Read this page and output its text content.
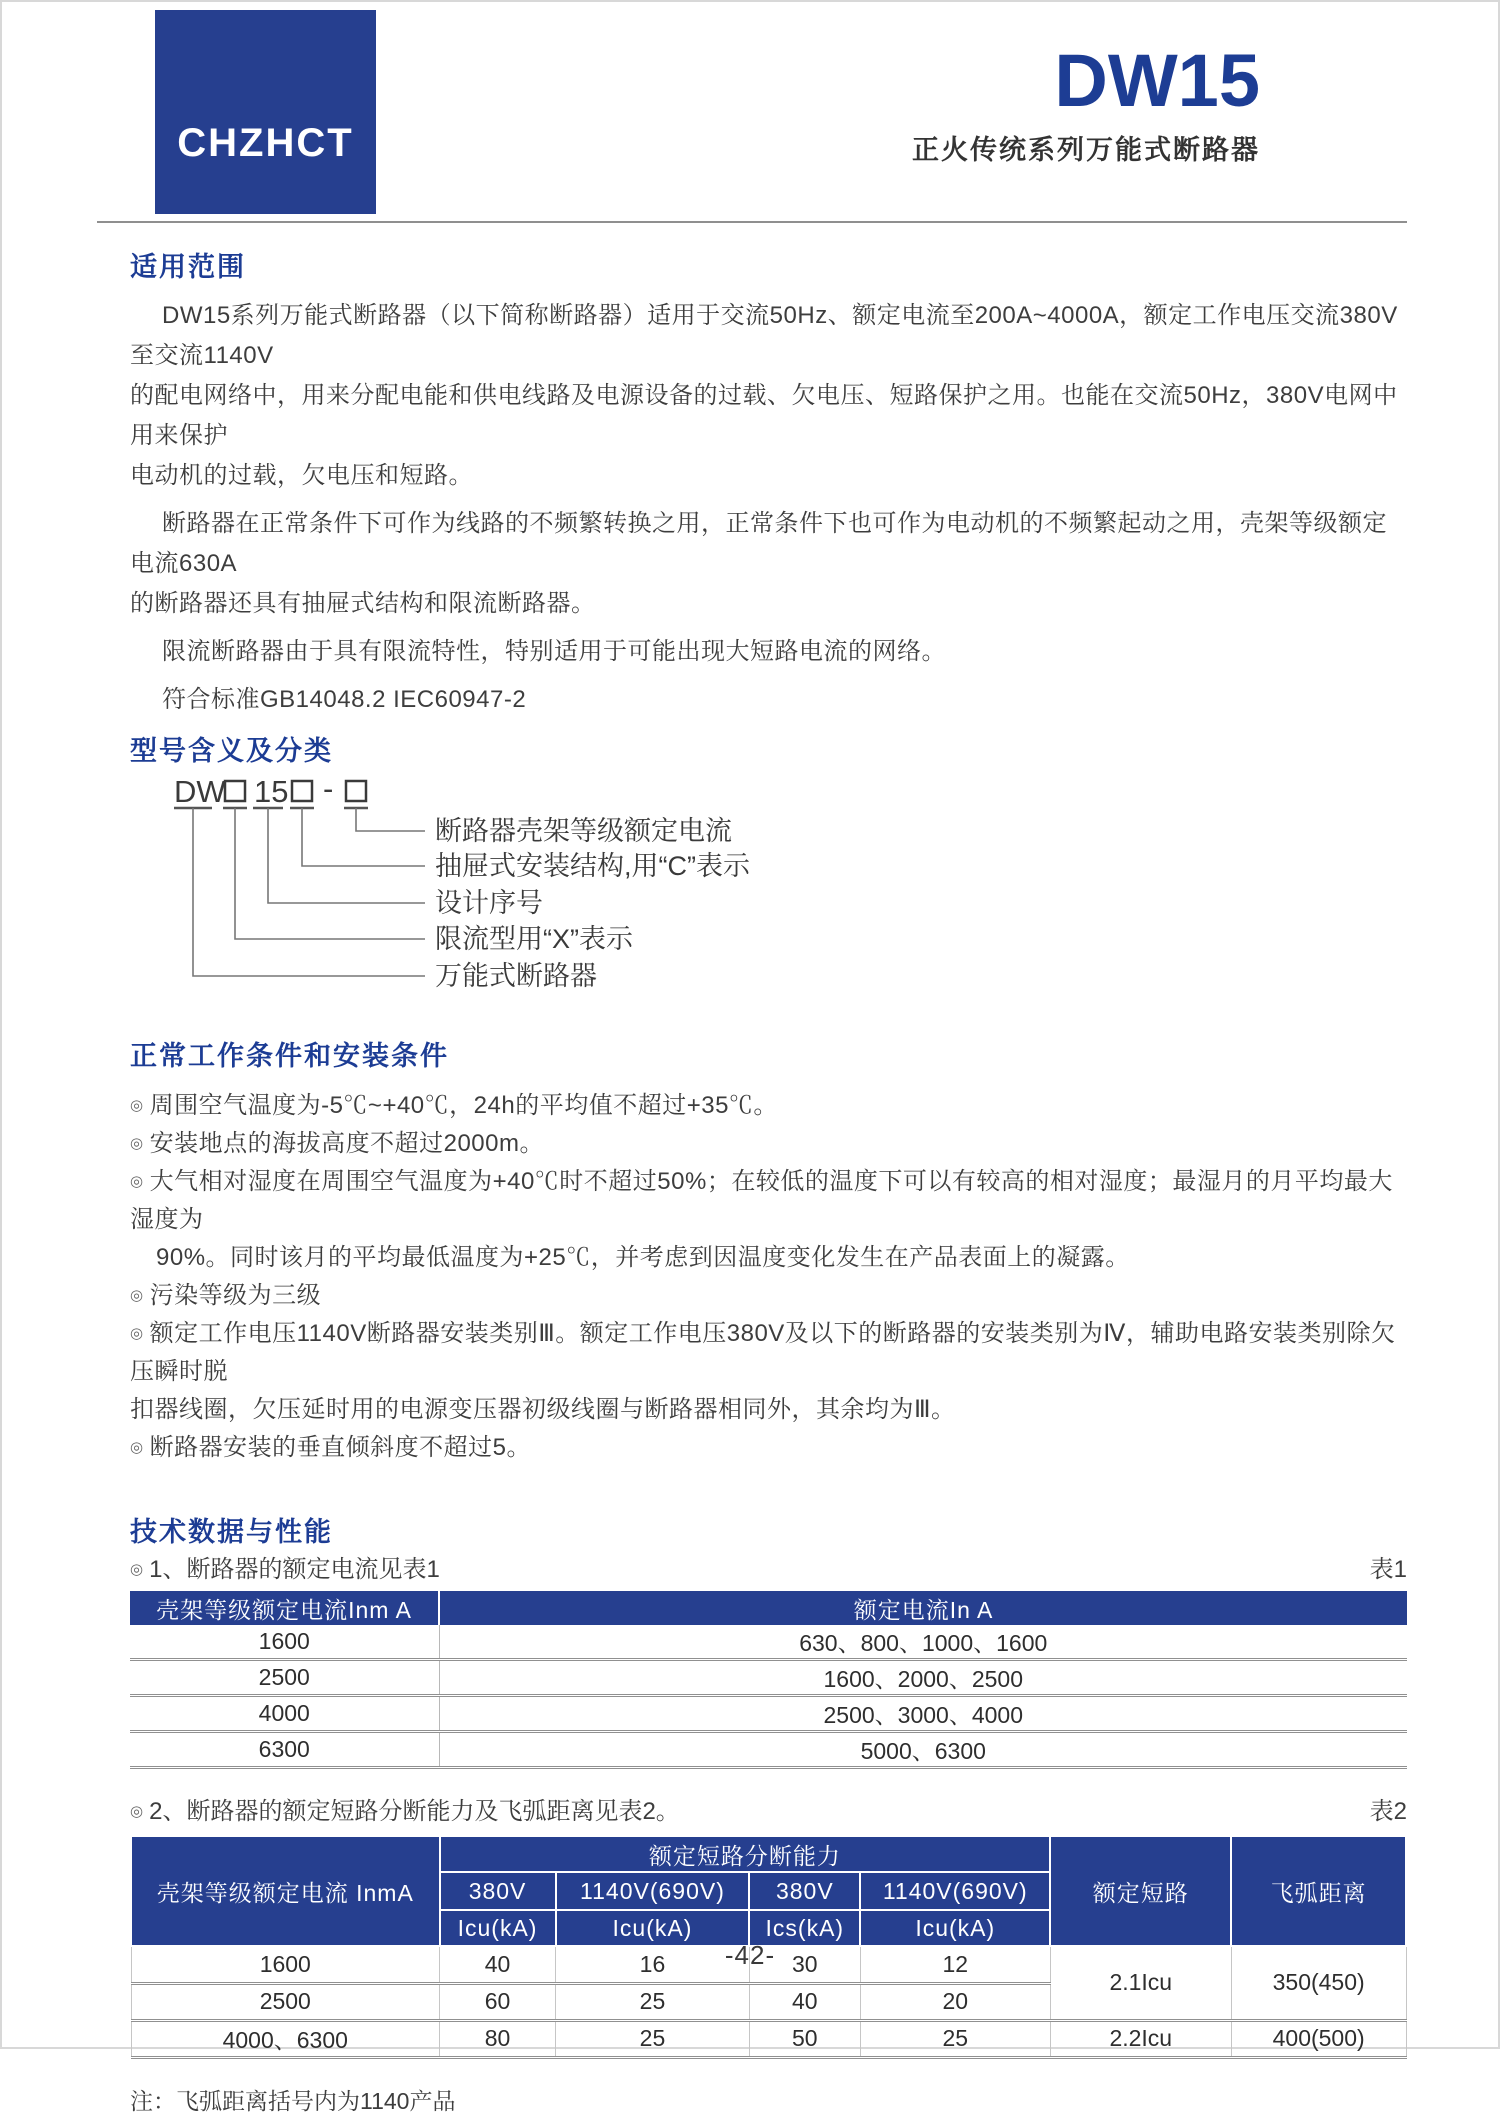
CHZHCT
DW15
正火传统系列万能式断路器
适用范围
DW15系列万能式断路器（以下简称断路器）适用于交流50Hz、额定电流至200A~4000A，额定工作电压交流380V至交流1140V
的配电网络中，用来分配电能和供电线路及电源设备的过载、欠电压、短路保护之用。也能在交流50Hz，380V电网中用来保护
电动机的过载，欠电压和短路。
断路器在正常条件下可作为线路的不频繁转换之用，正常条件下也可作为电动机的不频繁起动之用，壳架等级额定电流630A
的断路器还具有抽屉式结构和限流断路器。
限流断路器由于具有限流特性，特别适用于可能出现大短路电流的网络。
符合标准GB14048.2 IEC60947-2
型号含义及分类
DW 15 -
断路器壳架等级额定电流
抽屉式安装结构,用“C”表示
设计序号
限流型用“X”表示
万能式断路器
正常工作条件和安装条件
◎ 周围空气温度为-5℃~+40℃，24h的平均值不超过+35℃。
◎ 安装地点的海拔高度不超过2000m。
◎ 大气相对湿度在周围空气温度为+40℃时不超过50%；在较低的温度下可以有较高的相对湿度；最湿月的月平均最大湿度为
90%。同时该月的平均最低温度为+25℃，并考虑到因温度变化发生在产品表面上的凝露。
◎ 污染等级为三级
◎ 额定工作电压1140V断路器安装类别Ⅲ。额定工作电压380V及以下的断路器的安装类别为Ⅳ，辅助电路安装类别除欠压瞬时脱
扣器线圈，欠压延时用的电源变压器初级线圈与断路器相同外，其余均为Ⅲ。
◎ 断路器安装的垂直倾斜度不超过5。
技术数据与性能
◎ 1、断路器的额定电流见表1	表1
壳架等级额定电流Inm A	额定电流In A
1600	630、800、1000、1600
2500	1600、2000、2500
4000	2500、3000、4000
6300	5000、6300
◎ 2、断路器的额定短路分断能力及飞弧距离见表2。	表2
壳架等级额定电流 InmA	额定短路分断能力				额定短路	飞弧距离
	380V	1140V(690V)	380V	1140V(690V)		
	Icu(kA)	Icu(kA)	Ics(kA)	Icu(kA)		
1600	40	16	30	12	2.1Icu	350(450)
2500	60	25	40	20		
4000、6300	80	25	50	25	2.2Icu	400(500)
注：飞弧距离括号内为1140产品
-42-
